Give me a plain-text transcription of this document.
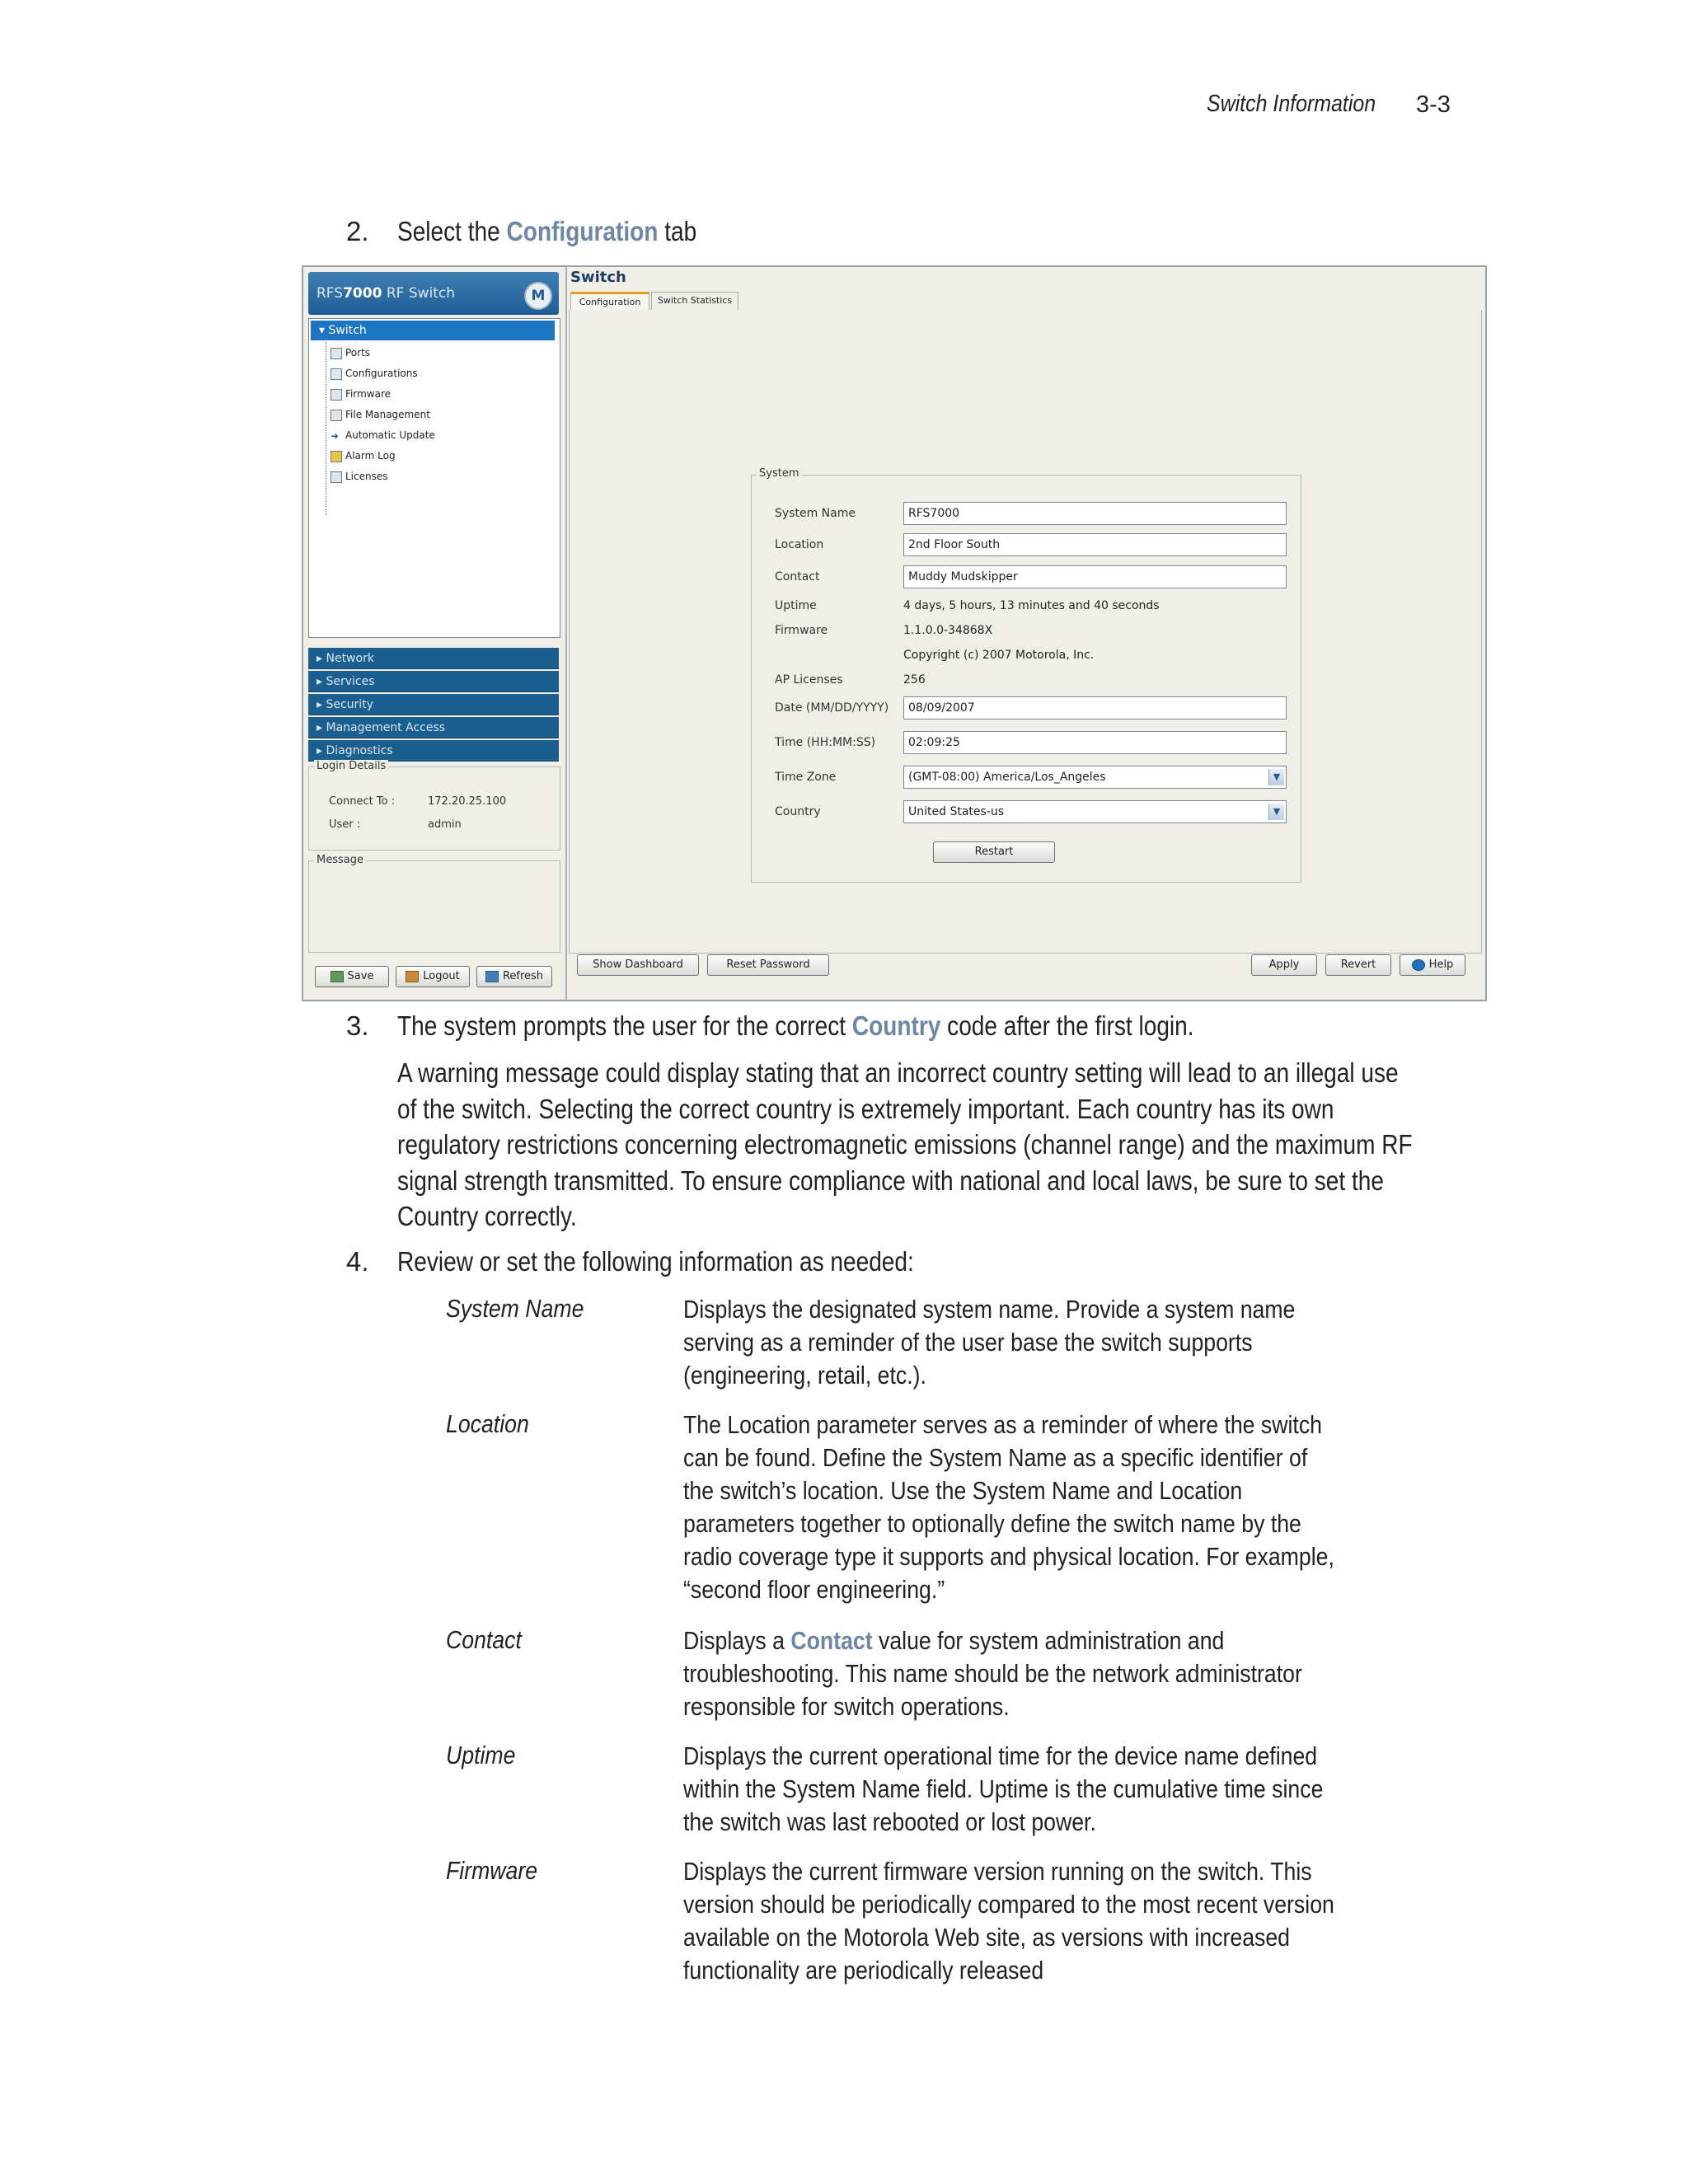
Switch Information 3-3
2. Select the Configuration tab
RFS7000 RF Switch	M
▾ Switch
Ports
Configurations
Firmware
File Management
➜ Automatic Update
Alarm Log
Licenses
▸ Network
▸ Services
▸ Security
▸ Management Access
▸ Diagnostics
Login Details
Connect To :	172.20.25.100
User :	admin
Message
Save	Logout	Refresh
Switch
Configuration	Switch Statistics
System
System Name	RFS7000
Location	2nd Floor South
Contact	Muddy Mudskipper
Uptime	4 days, 5 hours, 13 minutes and 40 seconds
Firmware	1.1.0.0-34868X
Copyright (c) 2007 Motorola, Inc.
AP Licenses	256
Date (MM/DD/YYYY)	08/09/2007
Time (HH:MM:SS)	02:09:25
Time Zone	(GMT-08:00) America/Los_Angeles	▼
Country	United States-us	▼
Restart
Show Dashboard	Reset Password	Apply	Revert	Help
3. The system prompts the user for the correct Country code after the first login.
A warning message could display stating that an incorrect country setting will lead to an illegal use
of the switch. Selecting the correct country is extremely important. Each country has its own
regulatory restrictions concerning electromagnetic emissions (channel range) and the maximum RF
signal strength transmitted. To ensure compliance with national and local laws, be sure to set the
Country correctly.
4. Review or set the following information as needed:
System Name	Displays the designated system name. Provide a system name
serving as a reminder of the user base the switch supports
(engineering, retail, etc.).
Location	The Location parameter serves as a reminder of where the switch
can be found. Define the System Name as a specific identifier of
the switch’s location. Use the System Name and Location
parameters together to optionally define the switch name by the
radio coverage type it supports and physical location. For example,
“second floor engineering.”
Contact	Displays a Contact value for system administration and
troubleshooting. This name should be the network administrator
responsible for switch operations.
Uptime	Displays the current operational time for the device name defined
within the System Name field. Uptime is the cumulative time since
the switch was last rebooted or lost power.
Firmware	Displays the current firmware version running on the switch. This
version should be periodically compared to the most recent version
available on the Motorola Web site, as versions with increased
functionality are periodically released
